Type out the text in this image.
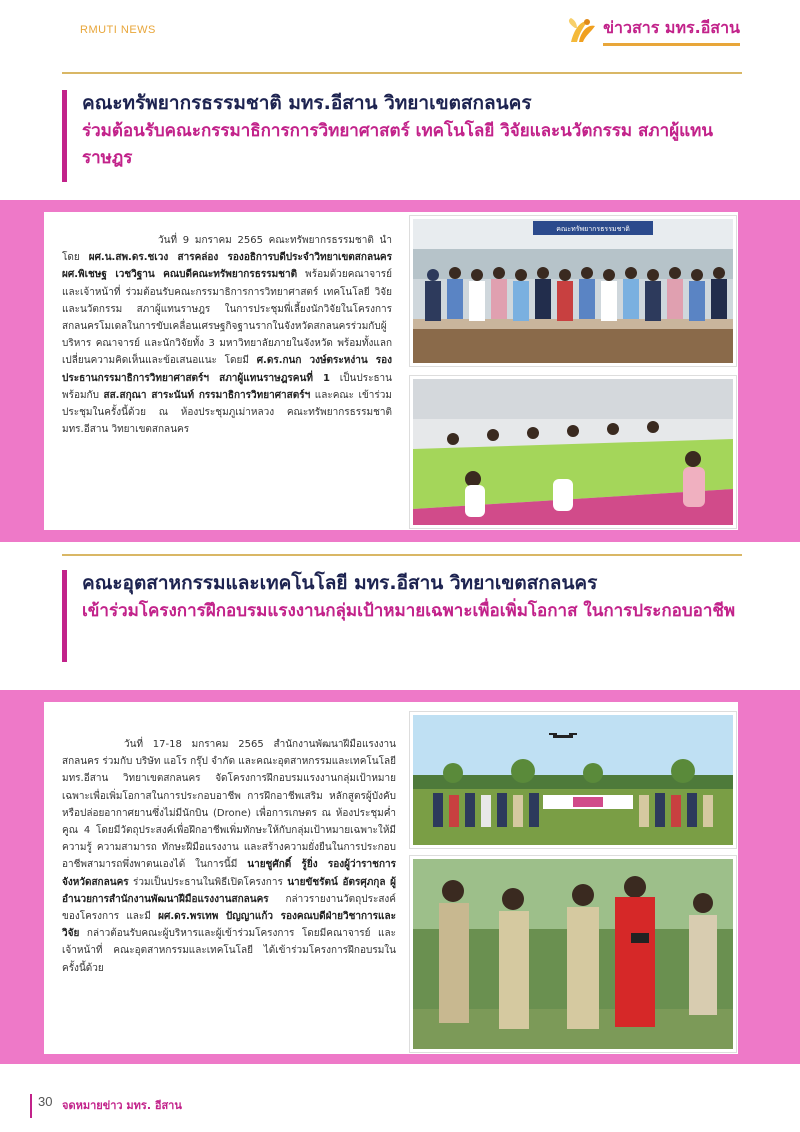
RMUTI NEWS	ข่าวสาร มทร.อีสาน
คณะทรัพยากรธรรมชาติ มทร.อีสาน วิทยาเขตสกลนคร
ร่วมต้อนรับคณะกรรมาธิการการวิทยาศาสตร์ เทคโนโลยี วิจัยและนวัตกรรม สภาผู้แทนราษฎร
วันที่ 9 มกราคม 2565 คณะทรัพยากรธรรมชาติ นำโดย ผศ.น.สพ.ดร.ชเวง สารคล่อง รองอธิการบดีประจำวิทยาเขตสกลนคร ผศ.พิเชษฐ เวชวิฐาน คณบดีคณะทรัพยากรธรรมชาติ พร้อมด้วยคณาจารย์ และเจ้าหน้าที่ ร่วมต้อนรับคณะกรรมาธิการการวิทยาศาสตร์ เทคโนโลยี วิจัยและนวัตกรรม สภาผู้แทนราษฎร ในการประชุมพี่เลี้ยงนักวิจัยในโครงการสกลนครโมเดลในการขับเคลื่อนเศรษฐกิจฐานรากในจังหวัดสกลนครร่วมกับผู้บริหาร คณาจารย์ และนักวิจัยทั้ง 3 มหาวิทยาลัยภายในจังหวัด พร้อมทั้งแลกเปลี่ยนความคิดเห็นและข้อเสนอแนะ โดยมี ศ.ดร.กนก วงษ์ตระหง่าน รองประธานกรรมาธิการวิทยาศาสตร์ฯ สภาผู้แทนราษฎรคนที่ 1 เป็นประธาน พร้อมกับ สส.สกุณา สาระนันท์ กรรมาธิการวิทยาศาสตร์ฯ และคณะ เข้าร่วมประชุมในครั้งนี้ด้วย ณ ห้องประชุมภูเม่าหลวง คณะทรัพยากรธรรมชาติ มทร.อีสาน วิทยาเขตสกลนคร
คณะทรัพยากรธรรมชาติ
คณะอุตสาหกรรมและเทคโนโลยี มทร.อีสาน วิทยาเขตสกลนคร
เข้าร่วมโครงการฝึกอบรมแรงงานกลุ่มเป้าหมายเฉพาะเพื่อเพิ่มโอกาส ในการประกอบอาชีพ
วันที่ 17-18 มกราคม 2565 สำนักงานพัฒนาฝีมือแรงงานสกลนคร ร่วมกับ บริษัท แอโร กรุ๊ป จำกัด และคณะอุตสาหกรรมและเทคโนโลยี มทร.อีสาน วิทยาเขตสกลนคร จัดโครงการฝึกอบรมแรงงานกลุ่มเป้าหมายเฉพาะเพื่อเพิ่มโอกาสในการประกอบอาชีพ การฝึกอาชีพเสริม หลักสูตรผู้บังคับหรือปล่อยอากาศยานซึ่งไม่มีนักบิน (Drone) เพื่อการเกษตร ณ ห้องประชุมค่ำคูณ 4 โดยมีวัตถุประสงค์เพื่อฝึกอาชีพเพิ่มทักษะให้กับกลุ่มเป้าหมายเฉพาะให้มีความรู้ ความสามารถ ทักษะฝีมือแรงงาน และสร้างความยั่งยืนในการประกอบอาชีพสามารถพึ่งพาตนเองได้ ในการนี้มี นายชูศักดิ์ รู้ยิ่ง รองผู้ว่าราชการจังหวัดสกลนคร ร่วมเป็นประธานในพิธีเปิดโครงการ นายขัชรัตน์ อัตรศุภกุล ผู้อำนวยการสำนักงานพัฒนาฝีมือแรงงานสกลนคร กล่าวรายงานวัตถุประสงค์ของโครงการ และมี ผศ.ดร.พรเทพ ปัญญาแก้ว รองคณบดีฝ่ายวิชาการและวิจัย กล่าวต้อนรับคณะผู้บริหารและผู้เข้าร่วมโครงการ โดยมีคณาจารย์ และเจ้าหน้าที่ คณะอุตสาหกรรมและเทคโนโลยี ได้เข้าร่วมโครงการฝึกอบรมในครั้งนี้ด้วย
30 จดหมายข่าว มทร. อีสาน
